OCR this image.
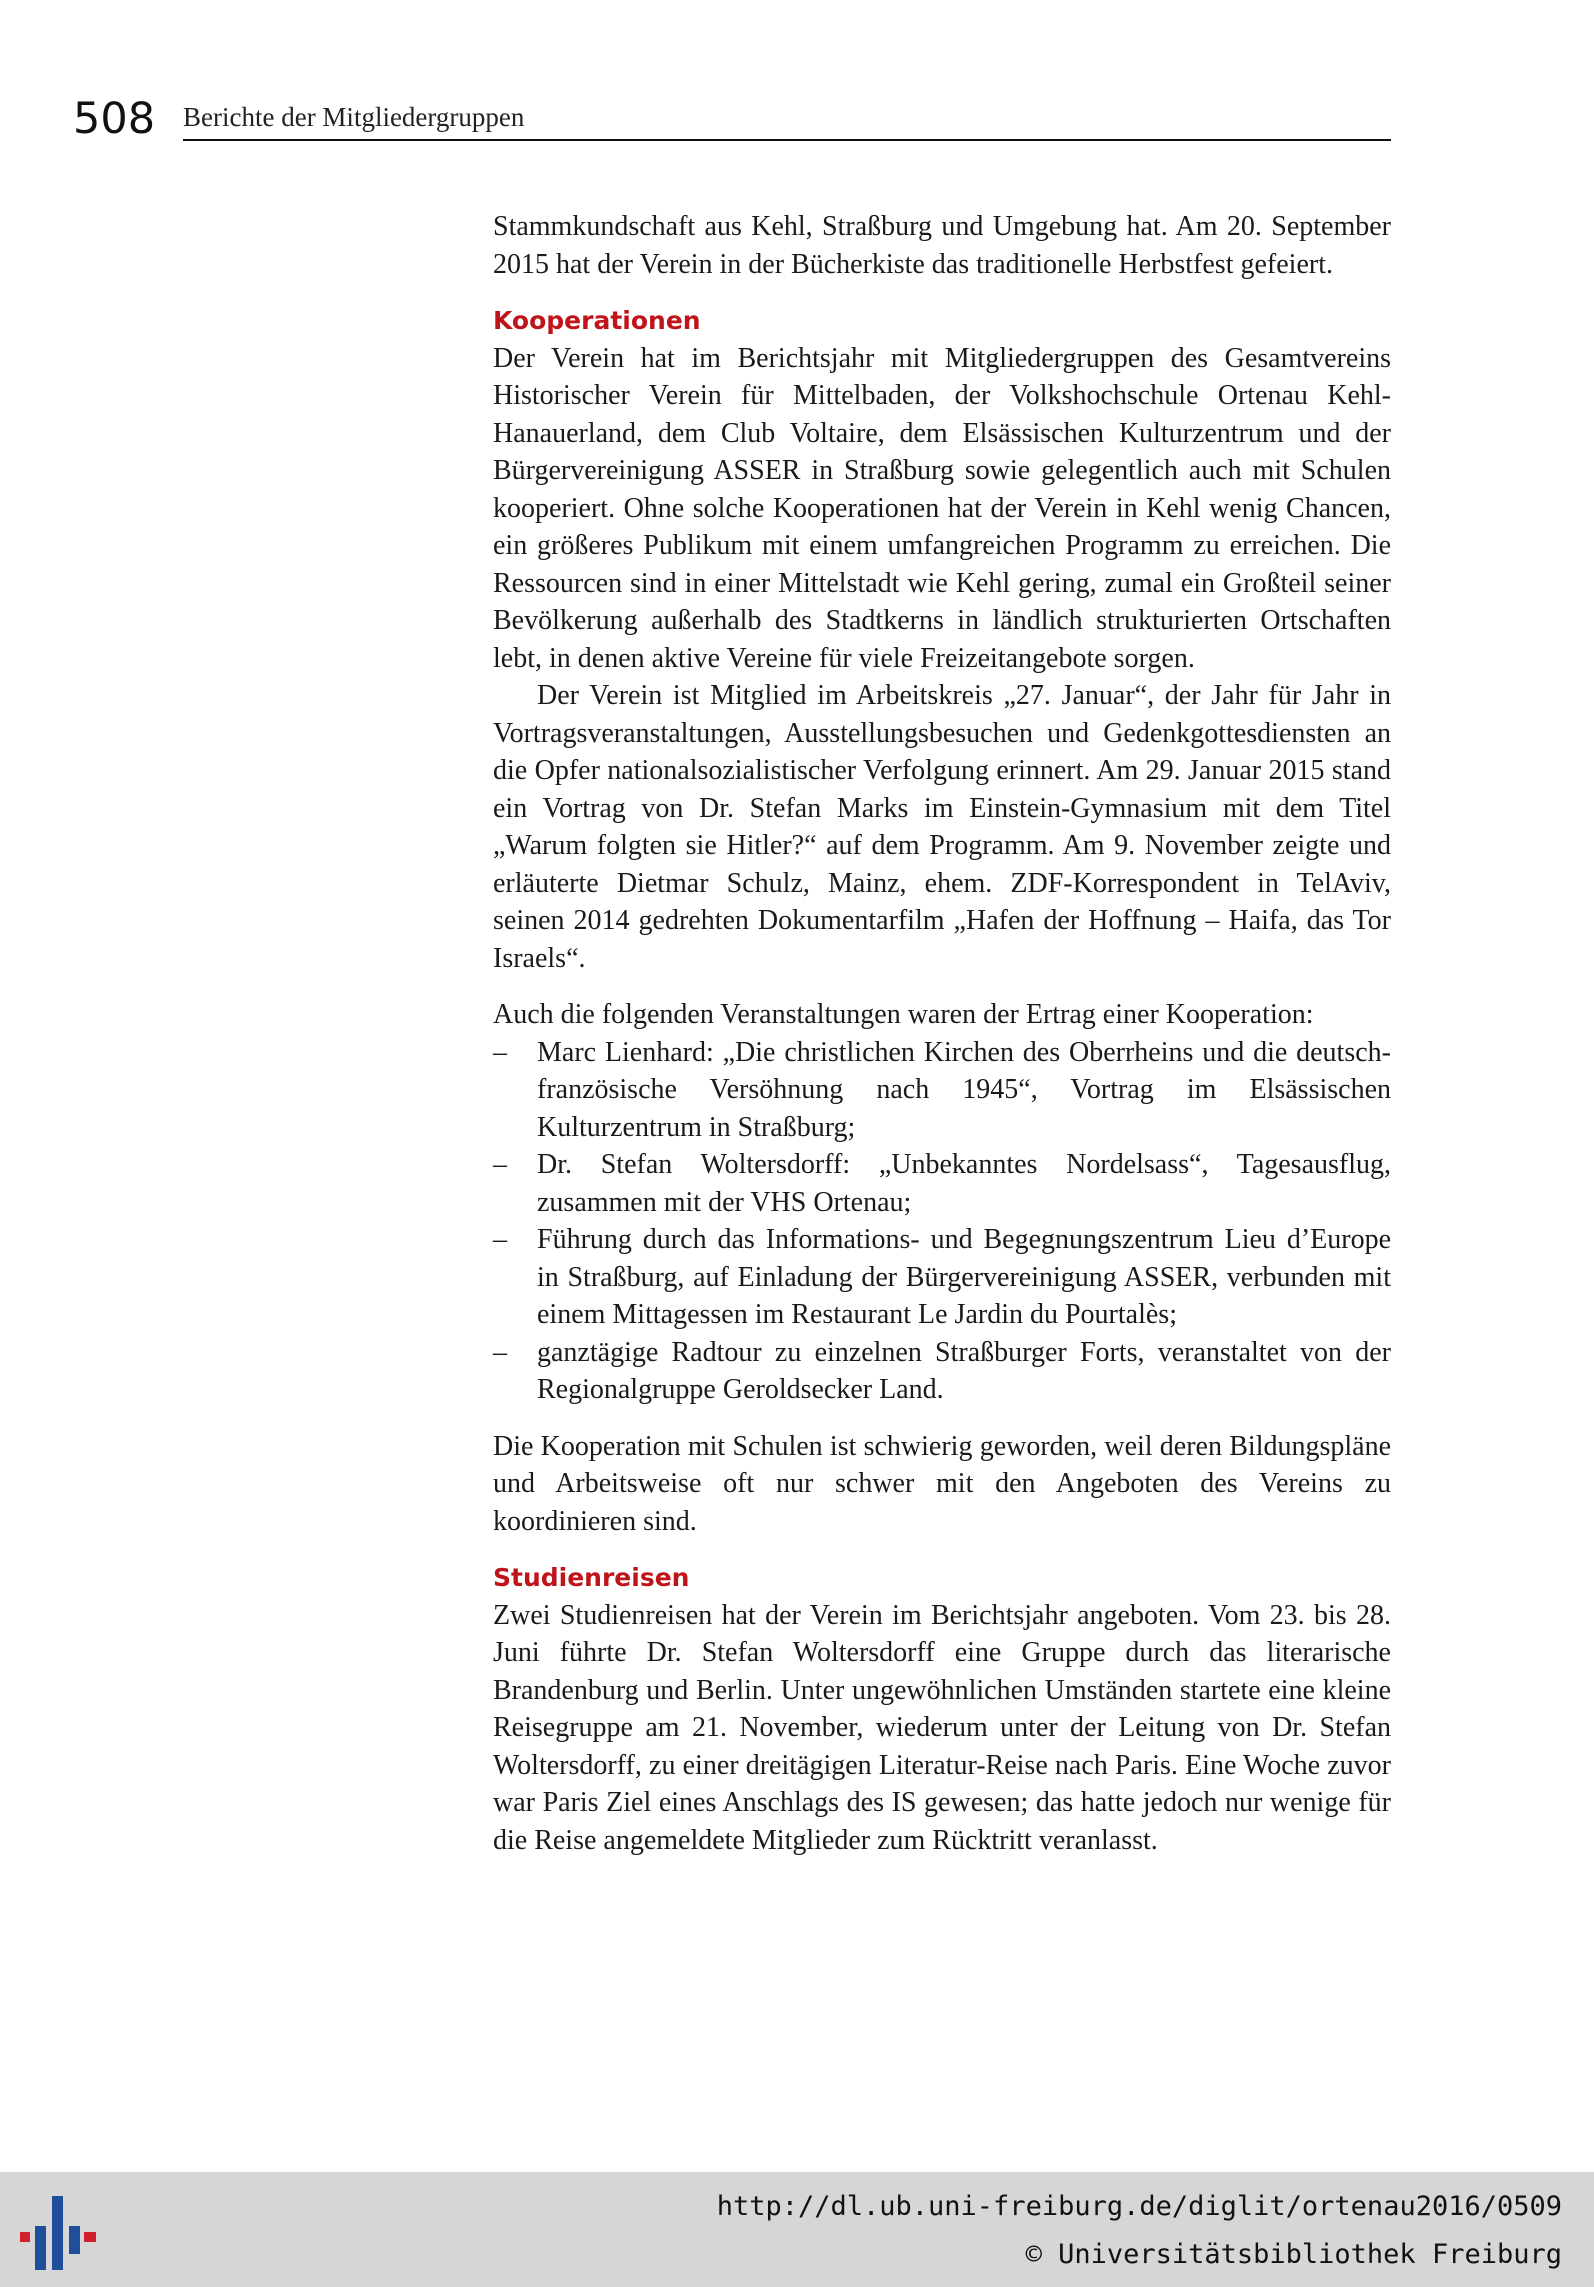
508 Berichte der Mitgliedergruppen

Stammkundschaft aus Kehl, Straßburg und Umgebung hat. Am 20. September 2015 hat der Verein in der Bücherkiste das traditionelle Herbstfest gefeiert.

Kooperationen

Der Verein hat im Berichtsjahr mit Mitgliedergruppen des Gesamtvereins Historischer Verein für Mittelbaden, der Volkshochschule Ortenau Kehl-Hanauerland, dem Club Voltaire, dem Elsässischen Kulturzentrum und der Bürgervereinigung ASSER in Straßburg sowie gelegentlich auch mit Schulen kooperiert. Ohne solche Kooperationen hat der Verein in Kehl wenig Chancen, ein größeres Publikum mit einem umfangreichen Programm zu erreichen. Die Ressourcen sind in einer Mittelstadt wie Kehl gering, zumal ein Großteil seiner Bevölkerung außerhalb des Stadtkerns in ländlich strukturierten Ortschaften lebt, in denen aktive Vereine für viele Freizeitangebote sorgen.

Der Verein ist Mitglied im Arbeitskreis „27. Januar“, der Jahr für Jahr in Vortragsveranstaltungen, Ausstellungsbesuchen und Gedenkgottesdiensten an die Opfer nationalsozialistischer Verfolgung erinnert. Am 29. Januar 2015 stand ein Vortrag von Dr. Stefan Marks im Einstein-Gymnasium mit dem Titel „Warum folgten sie Hitler?“ auf dem Programm. Am 9. November zeigte und erläuterte Dietmar Schulz, Mainz, ehem. ZDF-Korrespondent in TelAviv, seinen 2014 gedrehten Dokumentarfilm „Hafen der Hoffnung – Haifa, das Tor Israels“.

Auch die folgenden Veranstaltungen waren der Ertrag einer Kooperation:

– Marc Lienhard: „Die christlichen Kirchen des Oberrheins und die deutsch-französische Versöhnung nach 1945“, Vortrag im Elsässischen Kulturzentrum in Straßburg;
– Dr. Stefan Woltersdorff: „Unbekanntes Nordelsass“, Tagesausflug, zusammen mit der VHS Ortenau;
– Führung durch das Informations- und Begegnungszentrum Lieu d’Europe in Straßburg, auf Einladung der Bürgervereinigung ASSER, verbunden mit einem Mittagessen im Restaurant Le Jardin du Pourtalès;
– ganztägige Radtour zu einzelnen Straßburger Forts, veranstaltet von der Regionalgruppe Geroldsecker Land.

Die Kooperation mit Schulen ist schwierig geworden, weil deren Bildungspläne und Arbeitsweise oft nur schwer mit den Angeboten des Vereins zu koordinieren sind.

Studienreisen

Zwei Studienreisen hat der Verein im Berichtsjahr angeboten. Vom 23. bis 28. Juni führte Dr. Stefan Woltersdorff eine Gruppe durch das literarische Brandenburg und Berlin. Unter ungewöhnlichen Umständen startete eine kleine Reisegruppe am 21. November, wiederum unter der Leitung von Dr. Stefan Woltersdorff, zu einer dreitägigen Literatur-Reise nach Paris. Eine Woche zuvor war Paris Ziel eines Anschlags des IS gewesen; das hatte jedoch nur wenige für die Reise angemeldete Mitglieder zum Rücktritt veranlasst.

http://dl.ub.uni-freiburg.de/diglit/ortenau2016/0509
© Universitätsbibliothek Freiburg
